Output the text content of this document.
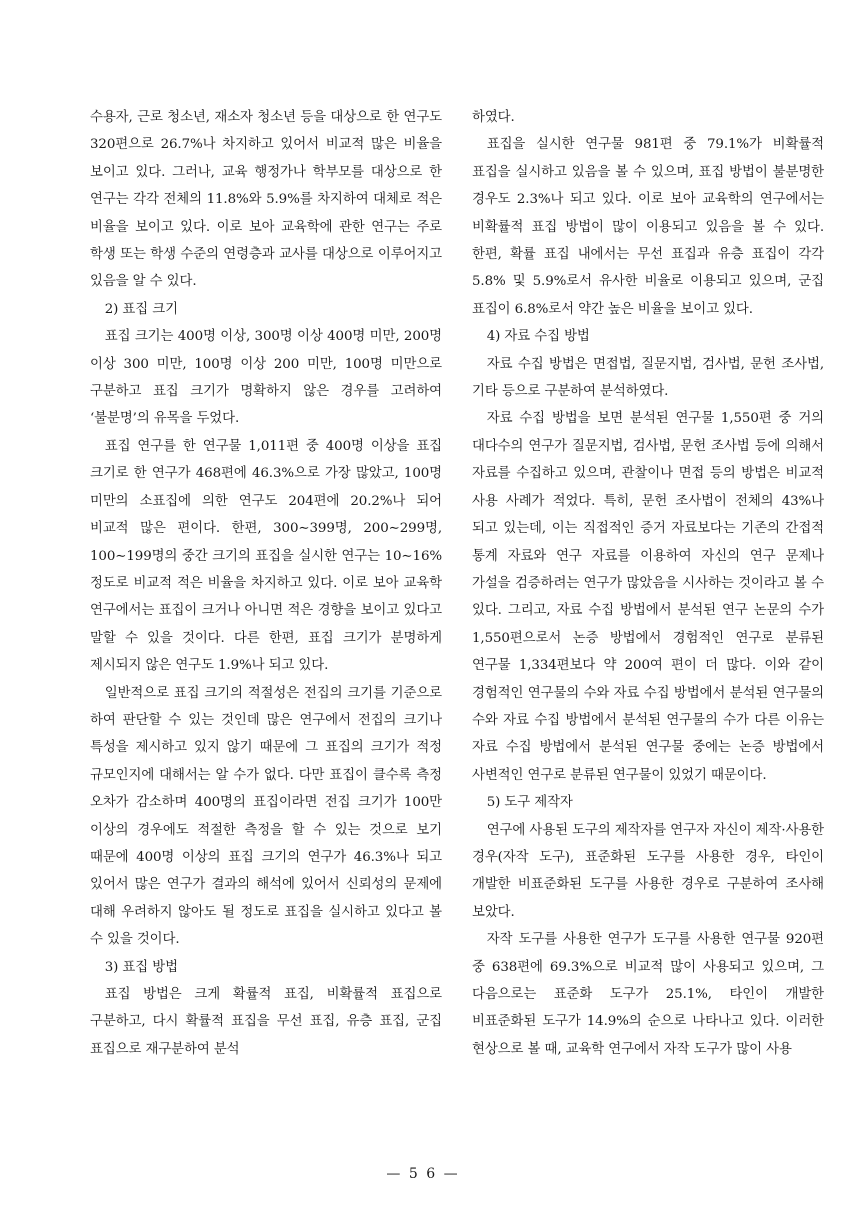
수용자, 근로 청소년, 재소자 청소년 등을 대상으로 한 연구도 320편으로 26.7%나 차지하고 있어서 비교적 많은 비율을 보이고 있다. 그러나, 교육 행정가나 학부모를 대상으로 한 연구는 각각 전체의 11.8%와 5.9%를 차지하여 대체로 적은 비율을 보이고 있다. 이로 보아 교육학에 관한 연구는 주로 학생 또는 학생 수준의 연령층과 교사를 대상으로 이루어지고 있음을 알 수 있다.

2) 표집 크기

표집 크기는 400명 이상, 300명 이상 400명 미만, 200명 이상 300 미만, 100명 이상 200 미만, 100명 미만으로 구분하고 표집 크기가 명확하지 않은 경우를 고려하여 ‘불분명’의 유목을 두었다.

표집 연구를 한 연구물 1,011편 중 400명 이상을 표집 크기로 한 연구가 468편에 46.3%으로 가장 많았고, 100명 미만의 소표집에 의한 연구도 204편에 20.2%나 되어 비교적 많은 편이다. 한편, 300∼399명, 200∼299명, 100∼199명의 중간 크기의 표집을 실시한 연구는 10∼16% 정도로 비교적 적은 비율을 차지하고 있다. 이로 보아 교육학 연구에서는 표집이 크거나 아니면 적은 경향을 보이고 있다고 말할 수 있을 것이다. 다른 한편, 표집 크기가 분명하게 제시되지 않은 연구도 1.9%나 되고 있다.

일반적으로 표집 크기의 적절성은 전집의 크기를 기준으로 하여 판단할 수 있는 것인데 많은 연구에서 전집의 크기나 특성을 제시하고 있지 않기 때문에 그 표집의 크기가 적정 규모인지에 대해서는 알 수가 없다. 다만 표집이 클수록 측정 오차가 감소하며 400명의 표집이라면 전집 크기가 100만 이상의 경우에도 적절한 측정을 할 수 있는 것으로 보기 때문에 400명 이상의 표집 크기의 연구가 46.3%나 되고 있어서 많은 연구가 결과의 해석에 있어서 신뢰성의 문제에 대해 우려하지 않아도 될 정도로 표집을 실시하고 있다고 볼 수 있을 것이다.

3) 표집 방법

표집 방법은 크게 확률적 표집, 비확률적 표집으로 구분하고, 다시 확률적 표집을 무선 표집, 유층 표집, 군집 표집으로 재구분하여 분석

하였다.

표집을 실시한 연구물 981편 중 79.1%가 비확률적 표집을 실시하고 있음을 볼 수 있으며, 표집 방법이 불분명한 경우도 2.3%나 되고 있다. 이로 보아 교육학의 연구에서는 비확률적 표집 방법이 많이 이용되고 있음을 볼 수 있다. 한편, 확률 표집 내에서는 무선 표집과 유층 표집이 각각 5.8% 및 5.9%로서 유사한 비율로 이용되고 있으며, 군집 표집이 6.8%로서 약간 높은 비율을 보이고 있다.

4) 자료 수집 방법

자료 수집 방법은 면접법, 질문지법, 검사법, 문헌 조사법, 기타 등으로 구분하여 분석하였다.

자료 수집 방법을 보면 분석된 연구물 1,550편 중 거의 대다수의 연구가 질문지법, 검사법, 문헌 조사법 등에 의해서 자료를 수집하고 있으며, 관찰이나 면접 등의 방법은 비교적 사용 사례가 적었다. 특히, 문헌 조사법이 전체의 43%나 되고 있는데, 이는 직접적인 증거 자료보다는 기존의 간접적 통계 자료와 연구 자료를 이용하여 자신의 연구 문제나 가설을 검증하려는 연구가 많았음을 시사하는 것이라고 볼 수 있다. 그리고, 자료 수집 방법에서 분석된 연구 논문의 수가 1,550편으로서 논증 방법에서 경험적인 연구로 분류된 연구물 1,334편보다 약 200여 편이 더 많다. 이와 같이 경험적인 연구물의 수와 자료 수집 방법에서 분석된 연구물의 수와 자료 수집 방법에서 분석된 연구물의 수가 다른 이유는 자료 수집 방법에서 분석된 연구물 중에는 논증 방법에서 사변적인 연구로 분류된 연구물이 있었기 때문이다.

5) 도구 제작자

연구에 사용된 도구의 제작자를 연구자 자신이 제작·사용한 경우(자작 도구), 표준화된 도구를 사용한 경우, 타인이 개발한 비표준화된 도구를 사용한 경우로 구분하여 조사해 보았다.

자작 도구를 사용한 연구가 도구를 사용한 연구물 920편 중 638편에 69.3%으로 비교적 많이 사용되고 있으며, 그 다음으로는 표준화 도구가 25.1%, 타인이 개발한 비표준화된 도구가 14.9%의 순으로 나타나고 있다. 이러한 현상으로 볼 때, 교육학 연구에서 자작 도구가 많이 사용

— 5 6 —
